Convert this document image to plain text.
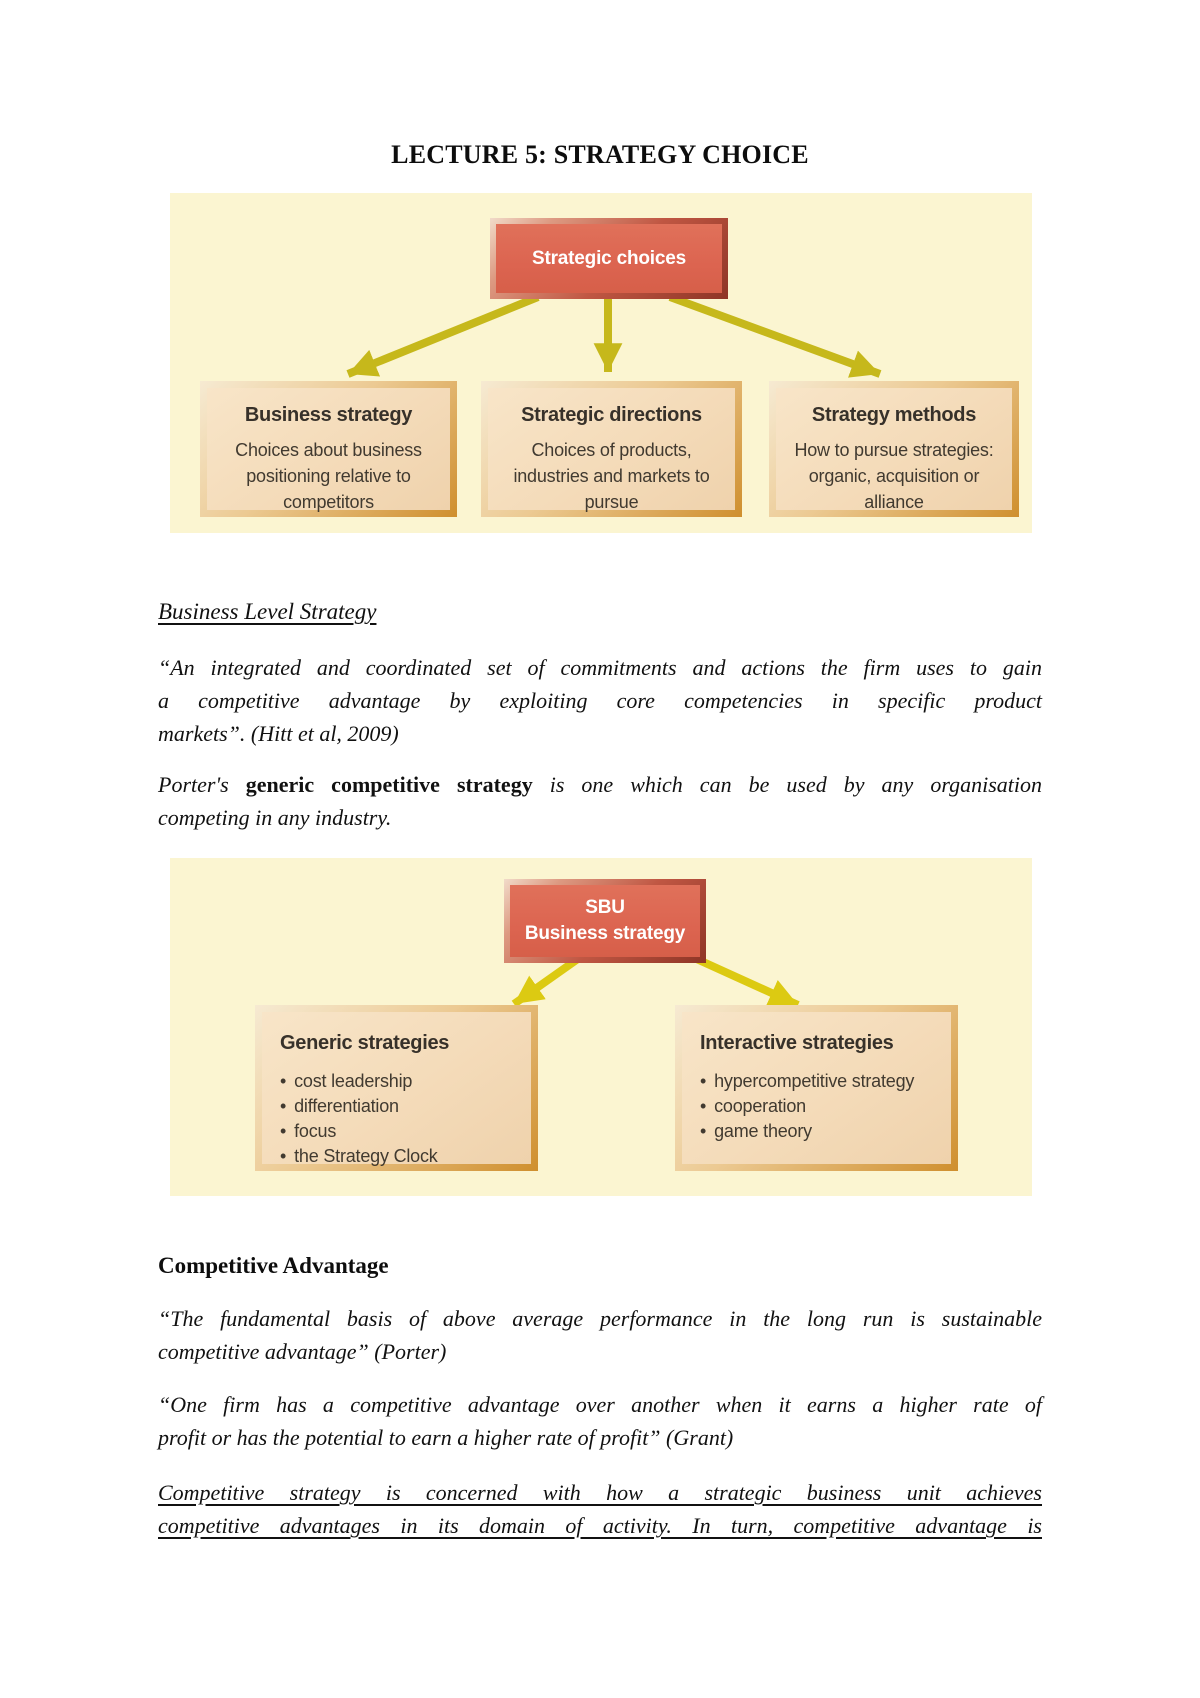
LECTURE 5: STRATEGY CHOICE
Strategic choices
Business strategy
Choices about business positioning relative to competitors
Strategic directions
Choices of products, industries and markets to pursue
Strategy methods
How to pursue strategies: organic, acquisition or alliance
Business Level Strategy
“An integrated and coordinated set of commitments and actions the firm uses to gain
a competitive advantage by exploiting core competencies in specific product
markets”. (Hitt et al, 2009)
Porter's generic competitive strategy is one which can be used by any organisation
competing in any industry.
SBU
Business strategy
Generic strategies
• cost leadership
• differentiation
• focus
• the Strategy Clock
Interactive strategies
• hypercompetitive strategy
• cooperation
• game theory
Competitive Advantage
“The fundamental basis of above average performance in the long run is sustainable
competitive advantage” (Porter)
“One firm has a competitive advantage over another when it earns a higher rate of
profit or has the potential to earn a higher rate of profit” (Grant)
Competitive strategy is concerned with how a strategic business unit achieves
competitive advantages in its domain of activity. In turn, competitive advantage is
